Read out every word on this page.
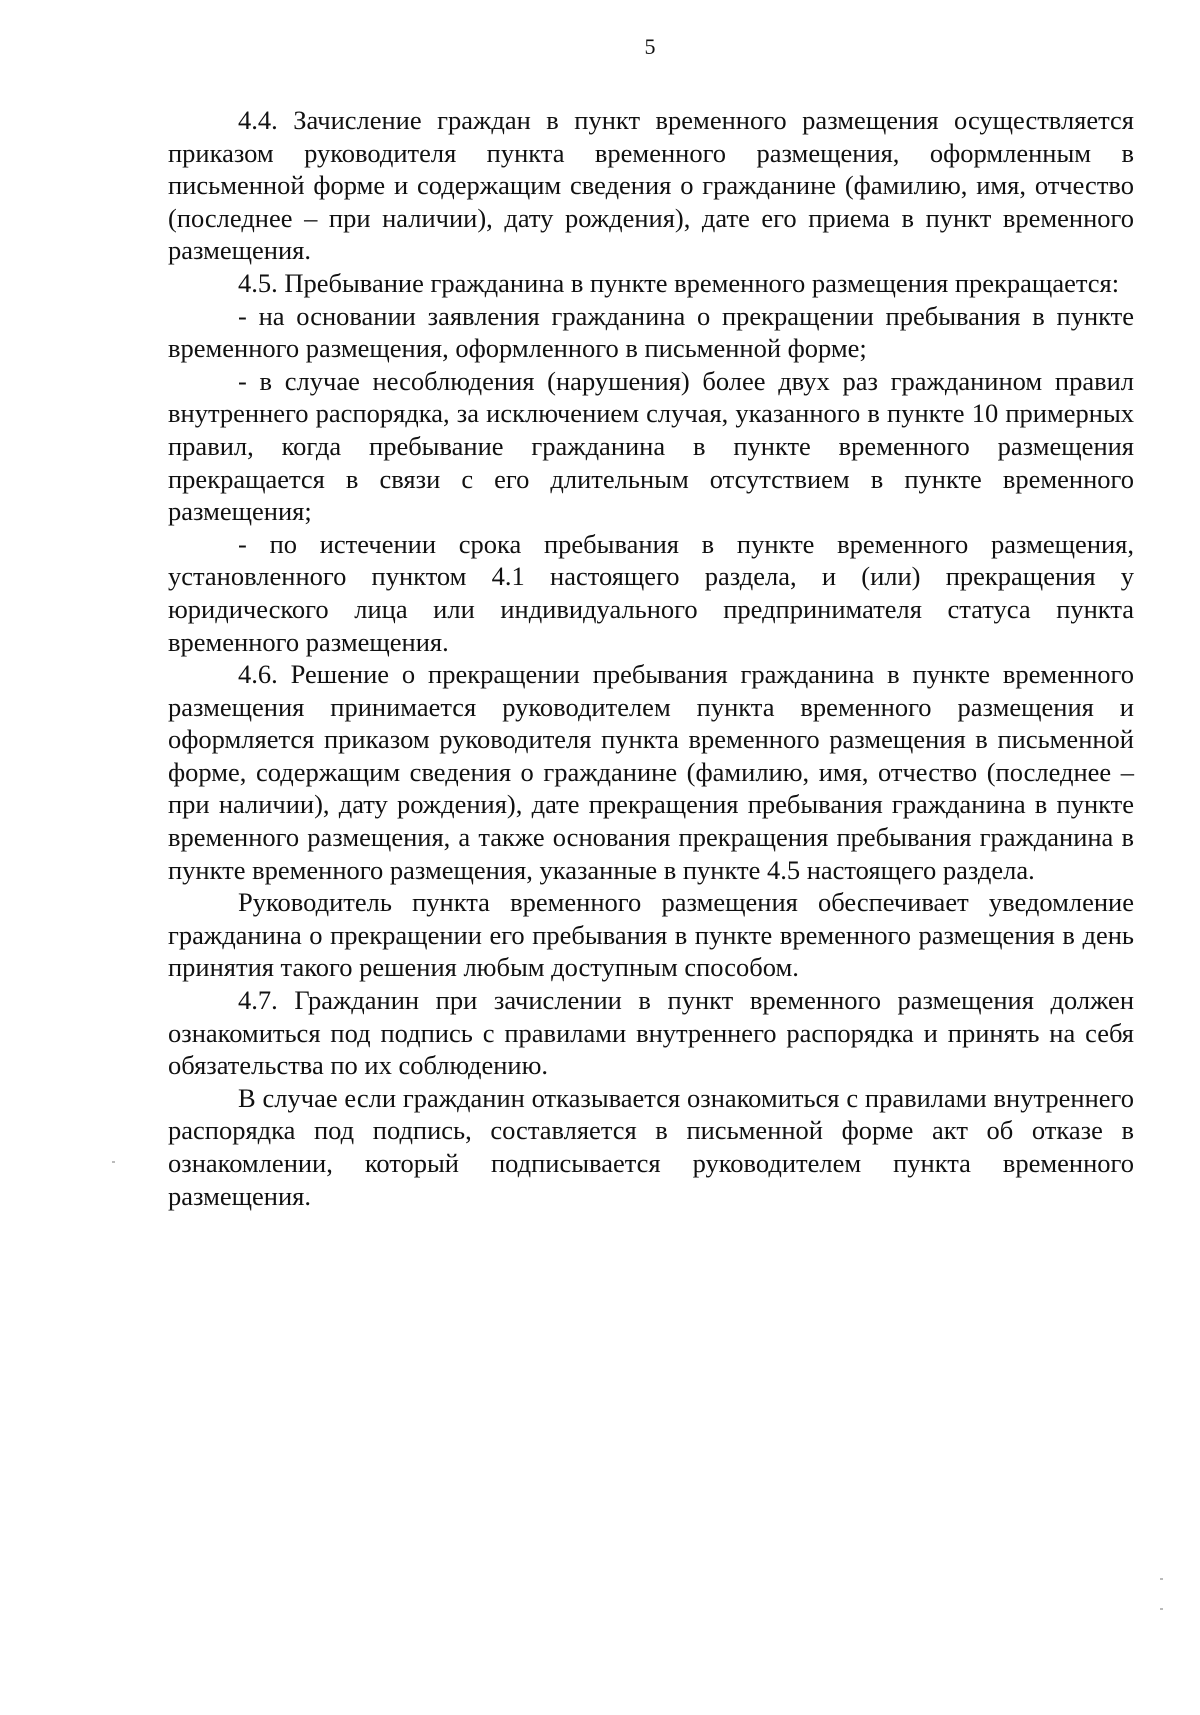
5

4.4. Зачисление граждан в пункт временного размещения осуществляется приказом руководителя пункта временного размещения, оформленным в письменной форме и содержащим сведения о гражданине (фамилию, имя, отчество (последнее – при наличии), дату рождения), дате его приема в пункт временного размещения.

4.5. Пребывание гражданина в пункте временного размещения прекращается:

- на основании заявления гражданина о прекращении пребывания в пункте временного размещения, оформленного в письменной форме;

- в случае несоблюдения (нарушения) более двух раз гражданином правил внутреннего распорядка, за исключением случая, указанного в пункте 10 примерных правил, когда пребывание гражданина в пункте временного размещения прекращается в связи с его длительным отсутствием в пункте временного размещения;

- по истечении срока пребывания в пункте временного размещения, установленного пунктом 4.1 настоящего раздела, и (или) прекращения у юридического лица или индивидуального предпринимателя статуса пункта временного размещения.

4.6. Решение о прекращении пребывания гражданина в пункте временного размещения принимается руководителем пункта временного размещения и оформляется приказом руководителя пункта временного размещения в письменной форме, содержащим сведения о гражданине (фамилию, имя, отчество (последнее – при наличии), дату рождения), дате прекращения пребывания гражданина в пункте временного размещения, а также основания прекращения пребывания гражданина в пункте временного размещения, указанные в пункте 4.5 настоящего раздела.

Руководитель пункта временного размещения обеспечивает уведомление гражданина о прекращении его пребывания в пункте временного размещения в день принятия такого решения любым доступным способом.

4.7. Гражданин при зачислении в пункт временного размещения должен ознакомиться под подпись с правилами внутреннего распорядка и принять на себя обязательства по их соблюдению.

В случае если гражданин отказывается ознакомиться с правилами внутреннего распорядка под подпись, составляется в письменной форме акт об отказе в ознакомлении, который подписывается руководителем пункта временного размещения.
